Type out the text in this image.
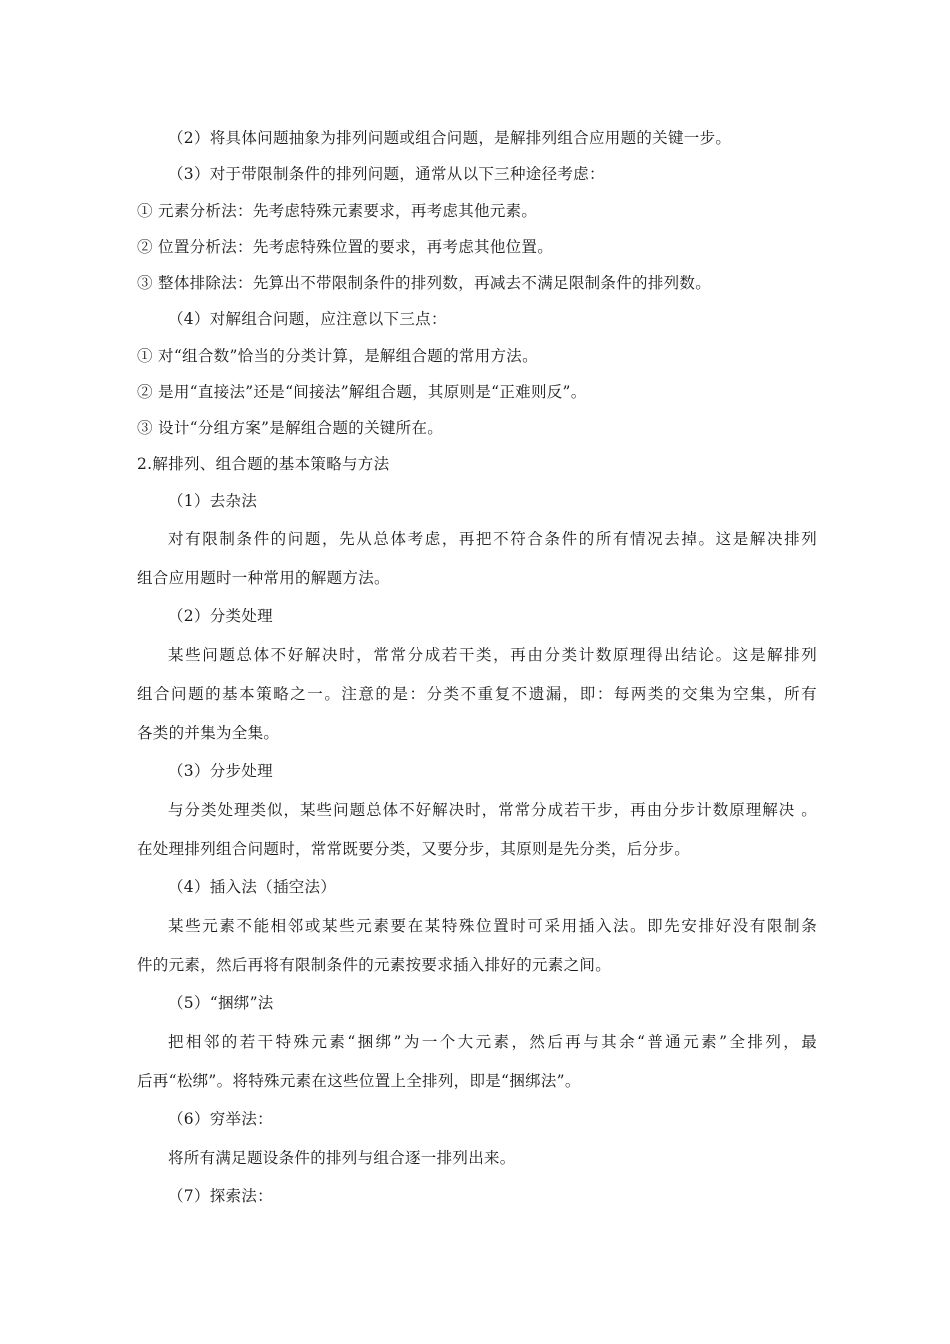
（2）将具体问题抽象为排列问题或组合问题，是解排列组合应用题的关键一步。
（3）对于带限制条件的排列问题，通常从以下三种途径考虑：
① 元素分析法：先考虑特殊元素要求，再考虑其他元素。
② 位置分析法：先考虑特殊位置的要求，再考虑其他位置。
③ 整体排除法：先算出不带限制条件的排列数，再减去不满足限制条件的排列数。
（4）对解组合问题，应注意以下三点：
① 对“组合数”恰当的分类计算，是解组合题的常用方法。
② 是用“直接法”还是“间接法”解组合题，其原则是“正难则反”。
③ 设计“分组方案”是解组合题的关键所在。
2.解排列、组合题的基本策略与方法
（1）去杂法
对有限制条件的问题，先从总体考虑，再把不符合条件的所有情况去掉。这是解决排列
组合应用题时一种常用的解题方法。
（2）分类处理
某些问题总体不好解决时，常常分成若干类，再由分类计数原理得出结论。这是解排列
组合问题的基本策略之一。注意的是：分类不重复不遗漏，即：每两类的交集为空集，所有
各类的并集为全集。
（3）分步处理
与分类处理类似，某些问题总体不好解决时，常常分成若干步，再由分步计数原理解决 。
在处理排列组合问题时，常常既要分类，又要分步，其原则是先分类，后分步。
（4）插入法（插空法）
某些元素不能相邻或某些元素要在某特殊位置时可采用插入法。即先安排好没有限制条
件的元素，然后再将有限制条件的元素按要求插入排好的元素之间。
（5）“捆绑”法
把相邻的若干特殊元素“捆绑”为一个大元素，然后再与其余“普通元素”全排列，最
后再“松绑”。将特殊元素在这些位置上全排列，即是“捆绑法”。
（6）穷举法：
将所有满足题设条件的排列与组合逐一排列出来。
（7）探索法：
